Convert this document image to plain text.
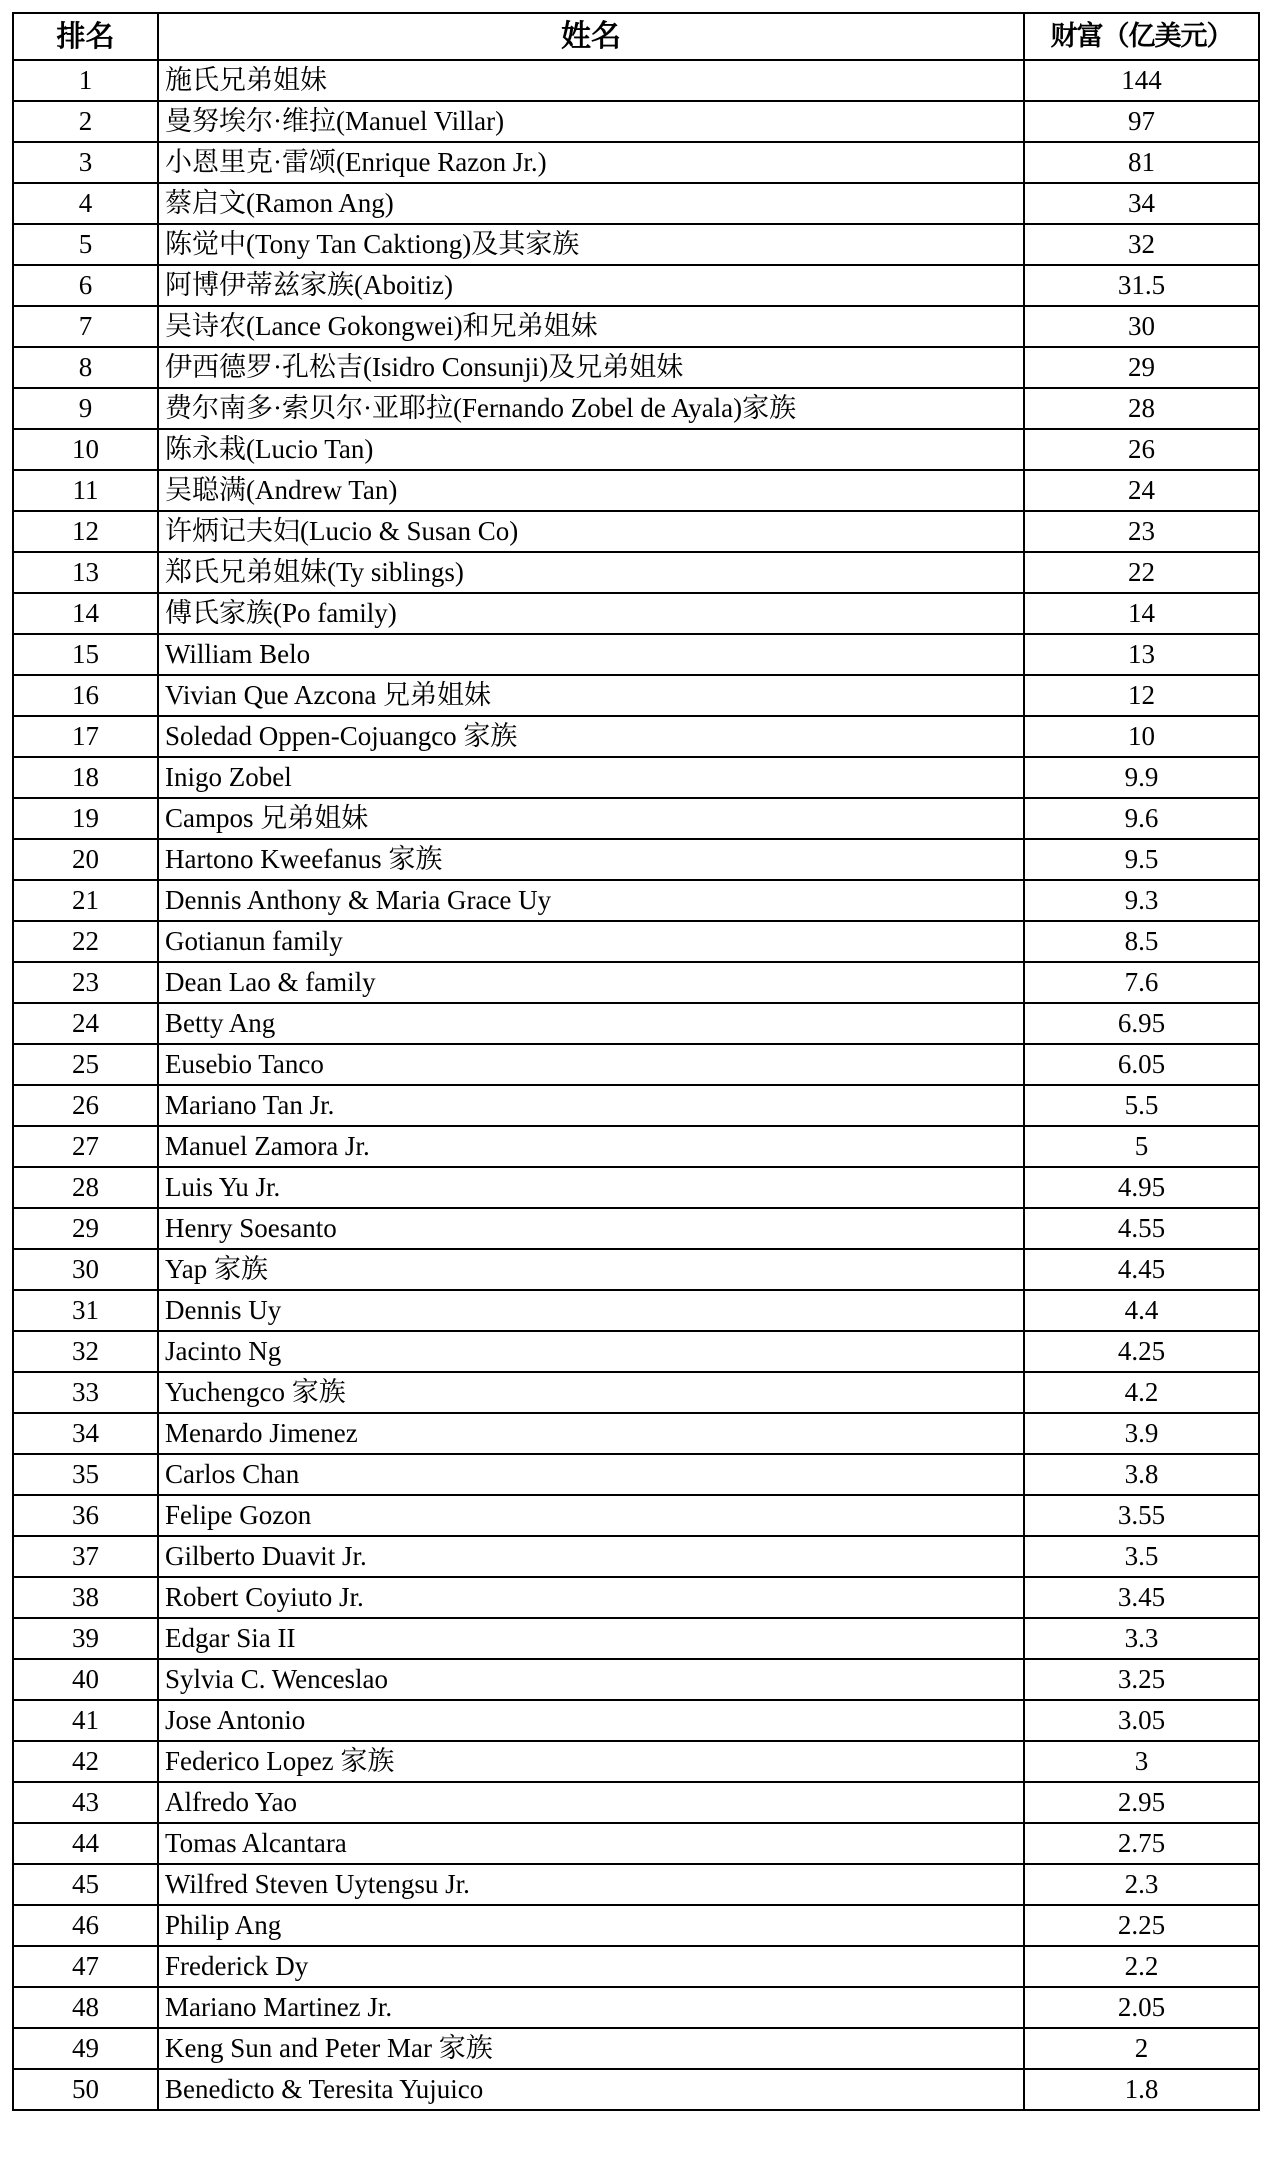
排名	姓名	财富（亿美元）
1	施氏兄弟姐妹	144
2	曼努埃尔·维拉(Manuel Villar)	97
3	小恩里克·雷颂(Enrique Razon Jr.)	81
4	蔡启文(Ramon Ang)	34
5	陈觉中(Tony Tan Caktiong)及其家族	32
6	阿博伊蒂兹家族(Aboitiz)	31.5
7	吴诗农(Lance Gokongwei)和兄弟姐妹	30
8	伊西德罗·孔松吉(Isidro Consunji)及兄弟姐妹	29
9	费尔南多·索贝尔·亚耶拉(Fernando Zobel de Ayala)家族	28
10	陈永栽(Lucio Tan)	26
11	吴聪满(Andrew Tan)	24
12	许炳记夫妇(Lucio & Susan Co)	23
13	郑氏兄弟姐妹(Ty siblings)	22
14	傅氏家族(Po family)	14
15	William Belo	13
16	Vivian Que Azcona 兄弟姐妹	12
17	Soledad Oppen-Cojuangco 家族	10
18	Inigo Zobel	9.9
19	Campos 兄弟姐妹	9.6
20	Hartono Kweefanus 家族	9.5
21	Dennis Anthony & Maria Grace Uy	9.3
22	Gotianun family	8.5
23	Dean Lao & family	7.6
24	Betty Ang	6.95
25	Eusebio Tanco	6.05
26	Mariano Tan Jr.	5.5
27	Manuel Zamora Jr.	5
28	Luis Yu Jr.	4.95
29	Henry Soesanto	4.55
30	Yap 家族	4.45
31	Dennis Uy	4.4
32	Jacinto Ng	4.25
33	Yuchengco 家族	4.2
34	Menardo Jimenez	3.9
35	Carlos Chan	3.8
36	Felipe Gozon	3.55
37	Gilberto Duavit Jr.	3.5
38	Robert Coyiuto Jr.	3.45
39	Edgar Sia II	3.3
40	Sylvia C. Wenceslao	3.25
41	Jose Antonio	3.05
42	Federico Lopez 家族	3
43	Alfredo Yao	2.95
44	Tomas Alcantara	2.75
45	Wilfred Steven Uytengsu Jr.	2.3
46	Philip Ang	2.25
47	Frederick Dy	2.2
48	Mariano Martinez Jr.	2.05
49	Keng Sun and Peter Mar 家族	2
50	Benedicto & Teresita Yujuico	1.8
